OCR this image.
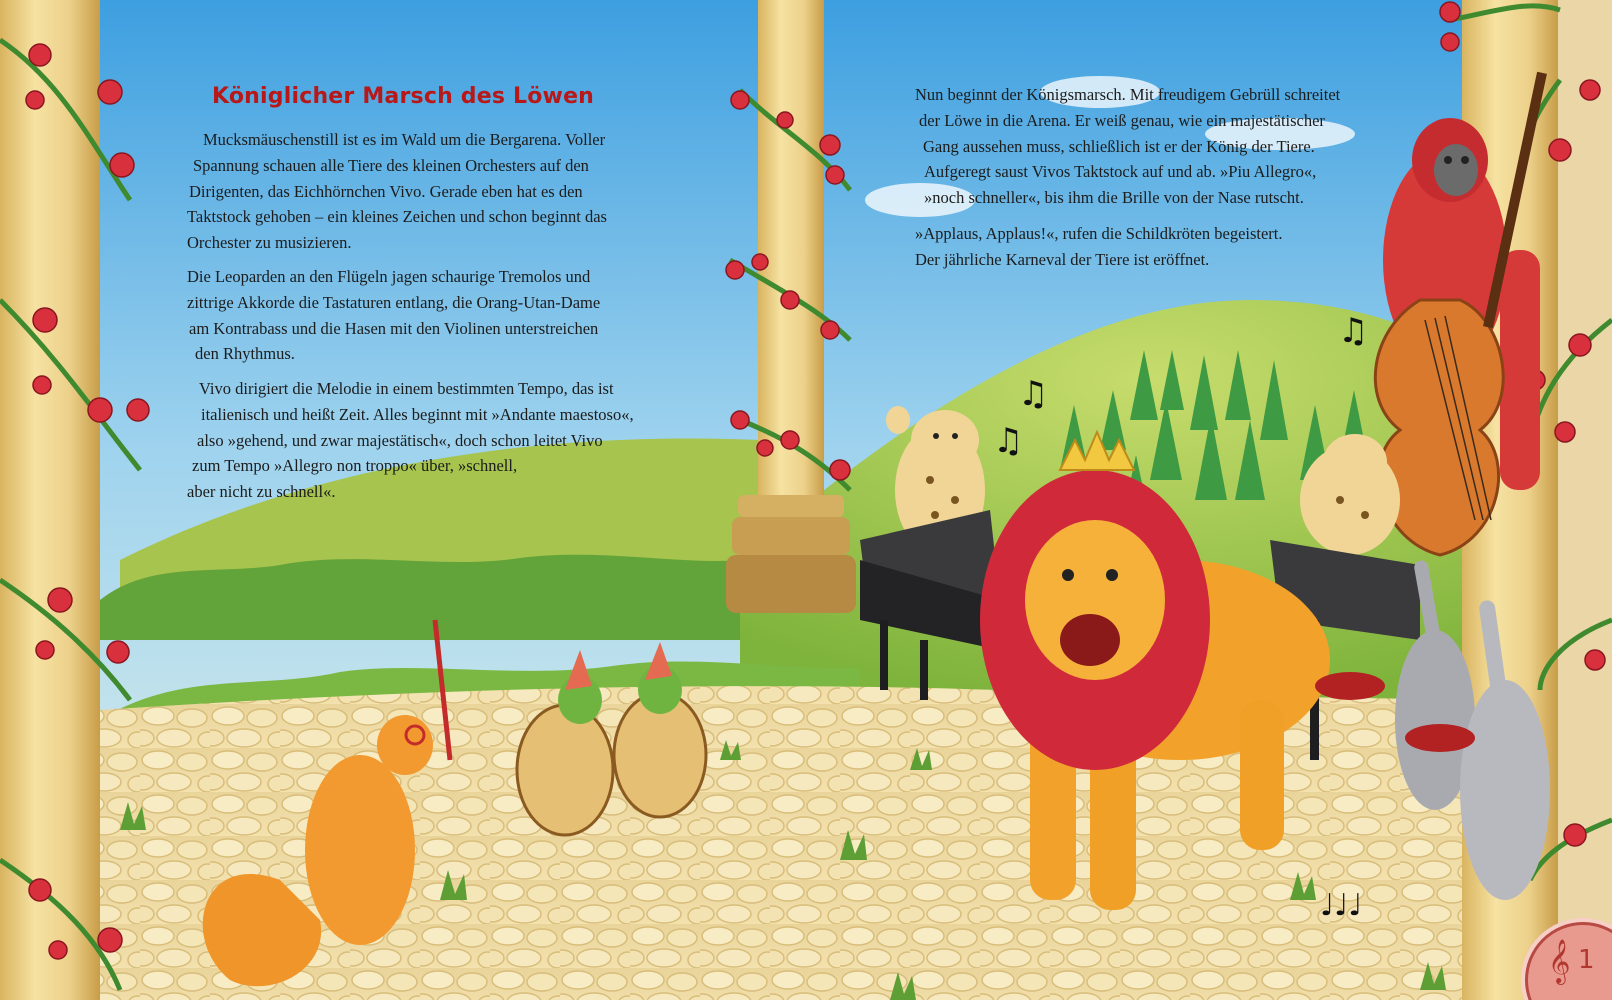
♫
♫
♫
♩♩♩
Königlicher Marsch des Löwen
Mucksmäuschenstill ist es im Wald um die Bergarena. Voller
Spannung schauen alle Tiere des kleinen Orchesters auf den
Dirigenten, das Eichhörnchen Vivo. Gerade eben hat es den
Taktstock gehoben – ein kleines Zeichen und schon beginnt das
Orchester zu musizieren.
Die Leoparden an den Flügeln jagen schaurige Tremolos und
zittrige Akkorde die Tastaturen entlang, die Orang-Utan-Dame
am Kontrabass und die Hasen mit den Violinen unterstreichen
den Rhythmus.
Vivo dirigiert die Melodie in einem bestimmten Tempo, das ist
italienisch und heißt Zeit. Alles beginnt mit »Andante maestoso«,
also »gehend, und zwar majestätisch«, doch schon leitet Vivo
zum Tempo »Allegro non troppo« über, »schnell,
aber nicht zu schnell«.
Nun beginnt der Königsmarsch. Mit freudigem Gebrüll schreitet
der Löwe in die Arena. Er weiß genau, wie ein majestätischer
Gang aussehen muss, schließlich ist er der König der Tiere.
Aufgeregt saust Vivos Taktstock auf und ab. »Piu Allegro«,
»noch schneller«, bis ihm die Brille von der Nase rutscht.
»Applaus, Applaus!«, rufen die Schildkröten begeistert.
Der jährliche Karneval der Tiere ist eröffnet.
𝄞 1
